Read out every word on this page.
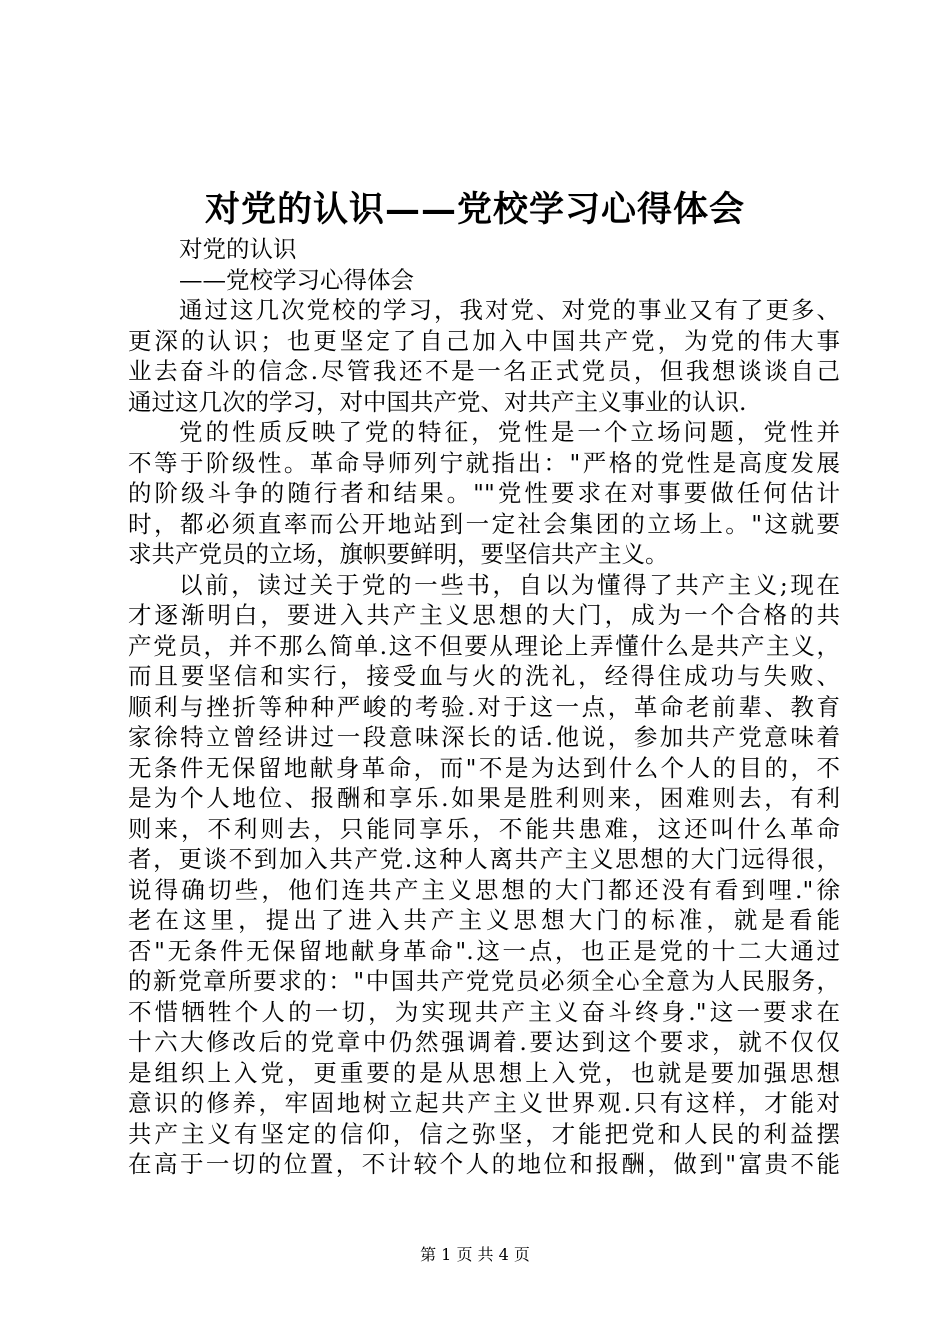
对党的认识——党校学习心得体会
对党的认识
——党校学习心得体会
通过这几次党校的学习，我对党、对党的事业又有了更多、
更深的认识；也更坚定了自己加入中国共产党，为党的伟大事
业去奋斗的信念.尽管我还不是一名正式党员，但我想谈谈自己
通过这几次的学习，对中国共产党、对共产主义事业的认识.
党的性质反映了党的特征，党性是一个立场问题，党性并
不等于阶级性。革命导师列宁就指出："严格的党性是高度发展
的阶级斗争的随行者和结果。""党性要求在对事要做任何估计
时，都必须直率而公开地站到一定社会集团的立场上。"这就要
求共产党员的立场，旗帜要鲜明，要坚信共产主义。
以前，读过关于党的一些书，自以为懂得了共产主义;现在
才逐渐明白，要进入共产主义思想的大门，成为一个合格的共
产党员，并不那么简单.这不但要从理论上弄懂什么是共产主义，
而且要坚信和实行，接受血与火的洗礼，经得住成功与失败、
顺利与挫折等种种严峻的考验.对于这一点，革命老前辈、教育
家徐特立曾经讲过一段意味深长的话.他说，参加共产党意味着
无条件无保留地献身革命，而"不是为达到什么个人的目的，不
是为个人地位、报酬和享乐.如果是胜利则来，困难则去，有利
则来，不利则去，只能同享乐，不能共患难，这还叫什么革命
者，更谈不到加入共产党.这种人离共产主义思想的大门远得很，
说得确切些，他们连共产主义思想的大门都还没有看到哩."徐
老在这里，提出了进入共产主义思想大门的标准，就是看能
否"无条件无保留地献身革命".这一点，也正是党的十二大通过
的新党章所要求的："中国共产党党员必须全心全意为人民服务，
不惜牺牲个人的一切，为实现共产主义奋斗终身."这一要求在
十六大修改后的党章中仍然强调着.要达到这个要求，就不仅仅
是组织上入党，更重要的是从思想上入党，也就是要加强思想
意识的修养，牢固地树立起共产主义世界观.只有这样，才能对
共产主义有坚定的信仰，信之弥坚，才能把党和人民的利益摆
在高于一切的位置，不计较个人的地位和报酬，做到"富贵不能
第 1 页 共 4 页
